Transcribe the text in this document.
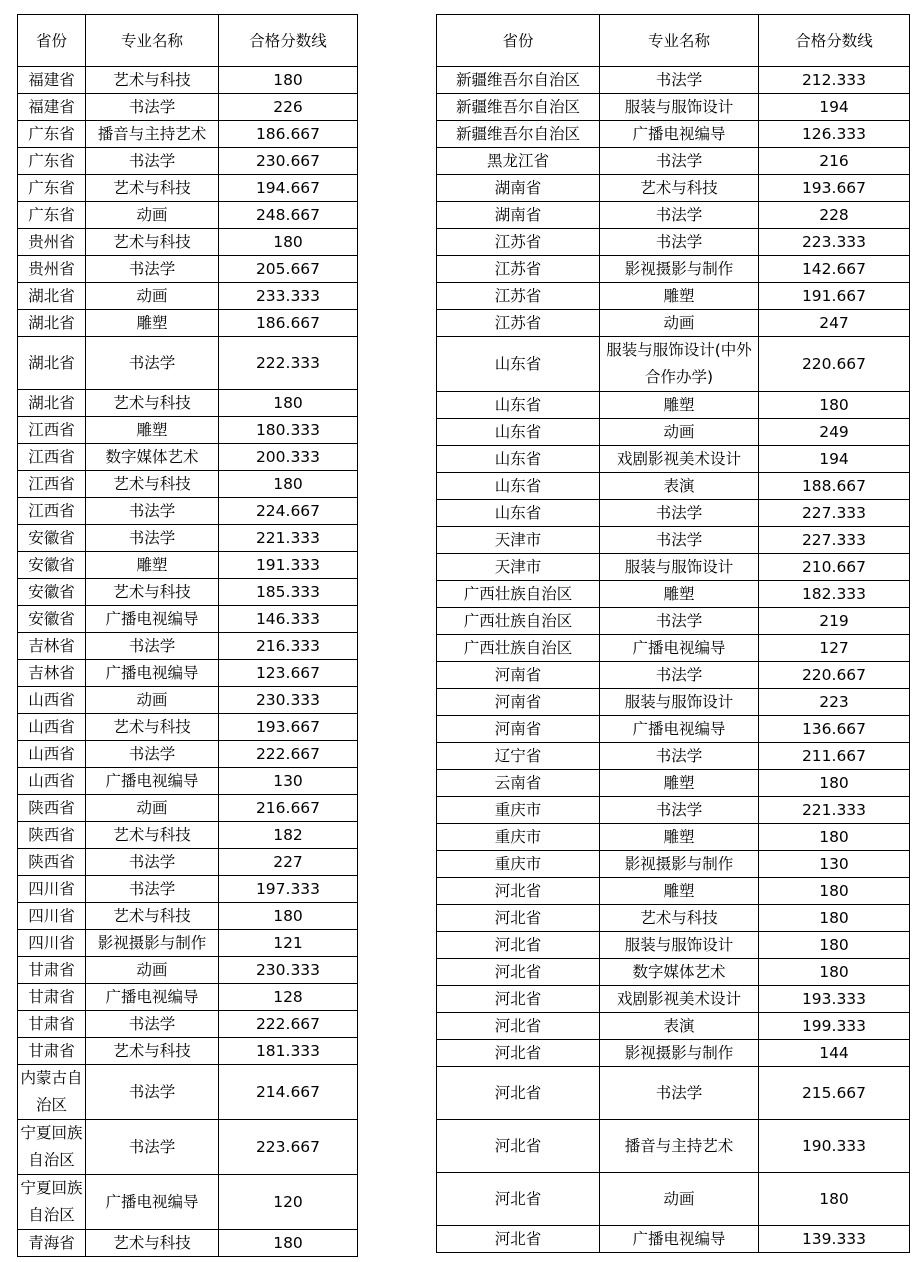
省份	专业名称	合格分数线
福建省	艺术与科技	180
福建省	书法学	226
广东省	播音与主持艺术	186.667
广东省	书法学	230.667
广东省	艺术与科技	194.667
广东省	动画	248.667
贵州省	艺术与科技	180
贵州省	书法学	205.667
湖北省	动画	233.333
湖北省	雕塑	186.667
湖北省	书法学	222.333
湖北省	艺术与科技	180
江西省	雕塑	180.333
江西省	数字媒体艺术	200.333
江西省	艺术与科技	180
江西省	书法学	224.667
安徽省	书法学	221.333
安徽省	雕塑	191.333
安徽省	艺术与科技	185.333
安徽省	广播电视编导	146.333
吉林省	书法学	216.333
吉林省	广播电视编导	123.667
山西省	动画	230.333
山西省	艺术与科技	193.667
山西省	书法学	222.667
山西省	广播电视编导	130
陕西省	动画	216.667
陕西省	艺术与科技	182
陕西省	书法学	227
四川省	书法学	197.333
四川省	艺术与科技	180
四川省	影视摄影与制作	121
甘肃省	动画	230.333
甘肃省	广播电视编导	128
甘肃省	书法学	222.667
甘肃省	艺术与科技	181.333
内蒙古自治区	书法学	214.667
宁夏回族自治区	书法学	223.667
宁夏回族自治区	广播电视编导	120
青海省	艺术与科技	180
省份	专业名称	合格分数线
新疆维吾尔自治区	书法学	212.333
新疆维吾尔自治区	服装与服饰设计	194
新疆维吾尔自治区	广播电视编导	126.333
黑龙江省	书法学	216
湖南省	艺术与科技	193.667
湖南省	书法学	228
江苏省	书法学	223.333
江苏省	影视摄影与制作	142.667
江苏省	雕塑	191.667
江苏省	动画	247
山东省	服装与服饰设计(中外合作办学)	220.667
山东省	雕塑	180
山东省	动画	249
山东省	戏剧影视美术设计	194
山东省	表演	188.667
山东省	书法学	227.333
天津市	书法学	227.333
天津市	服装与服饰设计	210.667
广西壮族自治区	雕塑	182.333
广西壮族自治区	书法学	219
广西壮族自治区	广播电视编导	127
河南省	书法学	220.667
河南省	服装与服饰设计	223
河南省	广播电视编导	136.667
辽宁省	书法学	211.667
云南省	雕塑	180
重庆市	书法学	221.333
重庆市	雕塑	180
重庆市	影视摄影与制作	130
河北省	雕塑	180
河北省	艺术与科技	180
河北省	服装与服饰设计	180
河北省	数字媒体艺术	180
河北省	戏剧影视美术设计	193.333
河北省	表演	199.333
河北省	影视摄影与制作	144
河北省	书法学	215.667
河北省	播音与主持艺术	190.333
河北省	动画	180
河北省	广播电视编导	139.333
